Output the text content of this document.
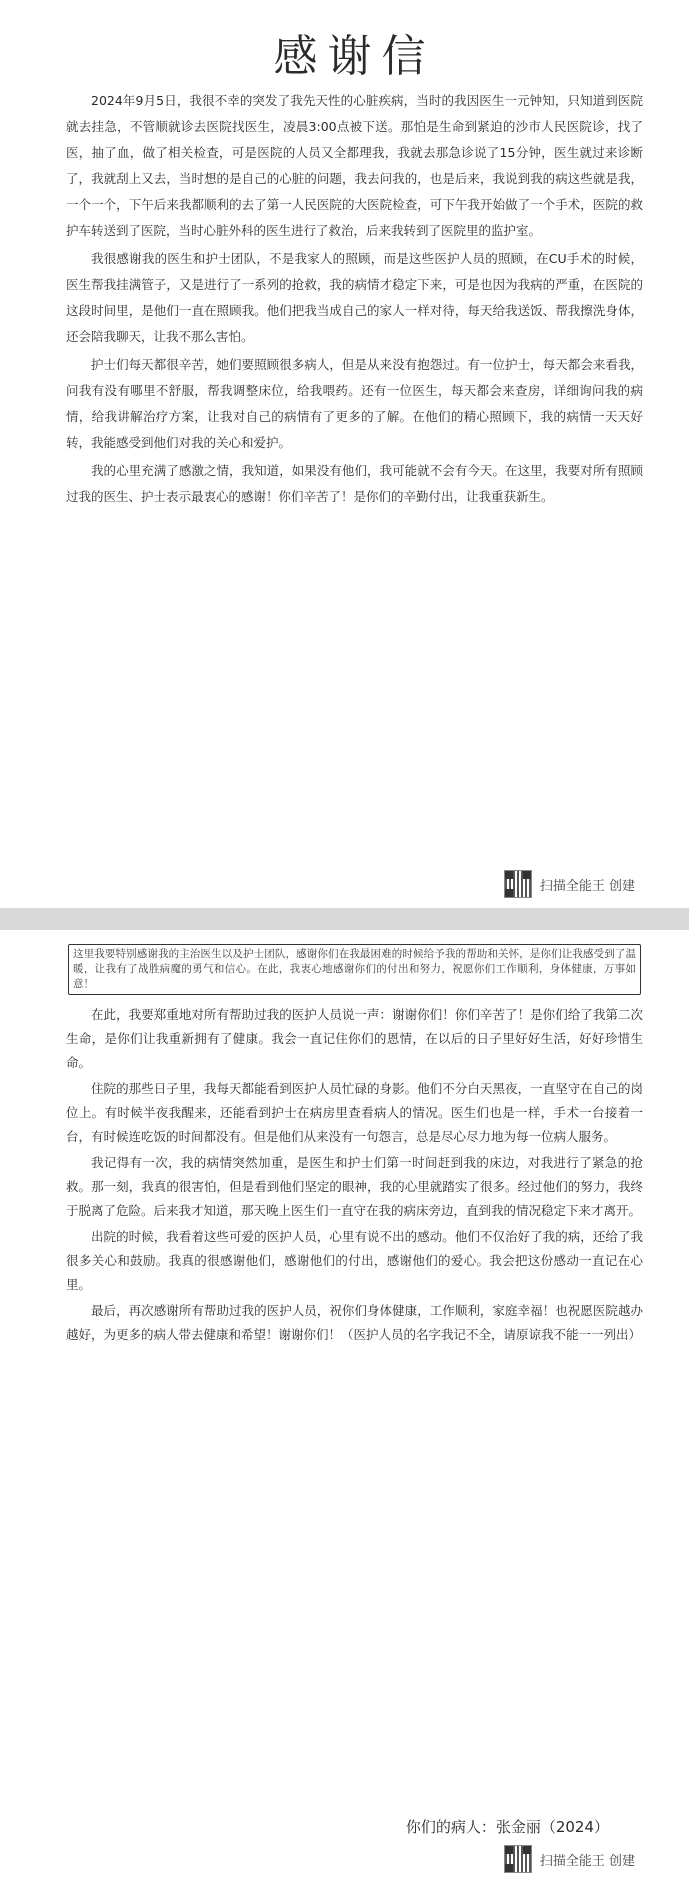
感谢信

2024年9月5日，我很不幸的突发了我先天性的心脏疾病，当时的我因医生一元钟知，只知道到医院就去挂急，不管顺就诊去医院找医生，凌晨3:00点被下送。那怕是生命到紧迫的沙市人民医院诊，找了医，抽了血，做了相关检查，可是医院的人员又全都理我，我就去那急诊说了15分钟，医生就过来诊断了，我就刮上又去，当时想的是自己的心脏的问题，我去问我的，也是后来，我说到我的病这些就是我，一个一个，下午后来我都顺利的去了第一人民医院的大医院检查，可下午我开始做了一个手术，医院的救护车转送到了医院，当时心脏外科的医生进行了救治，后来我转到了医院里的监护室。

我很感谢我的医生和护士团队，不是我家人的照顾，而是这些医护人员的照顾，在CU手术的时候，医生帮我挂满管子，又是进行了一系列的抢救，我的病情才稳定下来，可是也因为我病的严重，在医院的这段时间里，是他们一直在照顾我。他们把我当成自己的家人一样对待，每天给我送饭、帮我擦洗身体，还会陪我聊天，让我不那么害怕。

护士们每天都很辛苦，她们要照顾很多病人，但是从来没有抱怨过。有一位护士，每天都会来看我，问我有没有哪里不舒服，帮我调整床位，给我喂药。还有一位医生，每天都会来查房，详细询问我的病情，给我讲解治疗方案，让我对自己的病情有了更多的了解。在他们的精心照顾下，我的病情一天天好转，我能感受到他们对我的关心和爱护。

我的心里充满了感激之情，我知道，如果没有他们，我可能就不会有今天。在这里，我要对所有照顾过我的医生、护士表示最衷心的感谢！你们辛苦了！是你们的辛勤付出，让我重获新生。

扫描全能王 创建

这里我要特别感谢我的主治医生以及护士团队，感谢你们在我最困难的时候给予我的帮助和关怀，是你们让我感受到了温暖，让我有了战胜病魔的勇气和信心。在此，我衷心地感谢你们的付出和努力，祝愿你们工作顺利，身体健康，万事如意！

在此，我要郑重地对所有帮助过我的医护人员说一声：谢谢你们！你们辛苦了！是你们给了我第二次生命，是你们让我重新拥有了健康。我会一直记住你们的恩情，在以后的日子里好好生活，好好珍惜生命。

住院的那些日子里，我每天都能看到医护人员忙碌的身影。他们不分白天黑夜，一直坚守在自己的岗位上。有时候半夜我醒来，还能看到护士在病房里查看病人的情况。医生们也是一样，手术一台接着一台，有时候连吃饭的时间都没有。但是他们从来没有一句怨言，总是尽心尽力地为每一位病人服务。

我记得有一次，我的病情突然加重，是医生和护士们第一时间赶到我的床边，对我进行了紧急的抢救。那一刻，我真的很害怕，但是看到他们坚定的眼神，我的心里就踏实了很多。经过他们的努力，我终于脱离了危险。后来我才知道，那天晚上医生们一直守在我的病床旁边，直到我的情况稳定下来才离开。

出院的时候，我看着这些可爱的医护人员，心里有说不出的感动。他们不仅治好了我的病，还给了我很多关心和鼓励。我真的很感谢他们，感谢他们的付出，感谢他们的爱心。我会把这份感动一直记在心里。

最后，再次感谢所有帮助过我的医护人员，祝你们身体健康，工作顺利，家庭幸福！也祝愿医院越办越好，为更多的病人带去健康和希望！谢谢你们！（医护人员的名字我记不全，请原谅我不能一一列出）

你们的病人：张金丽（2024）
扫描全能王 创建
